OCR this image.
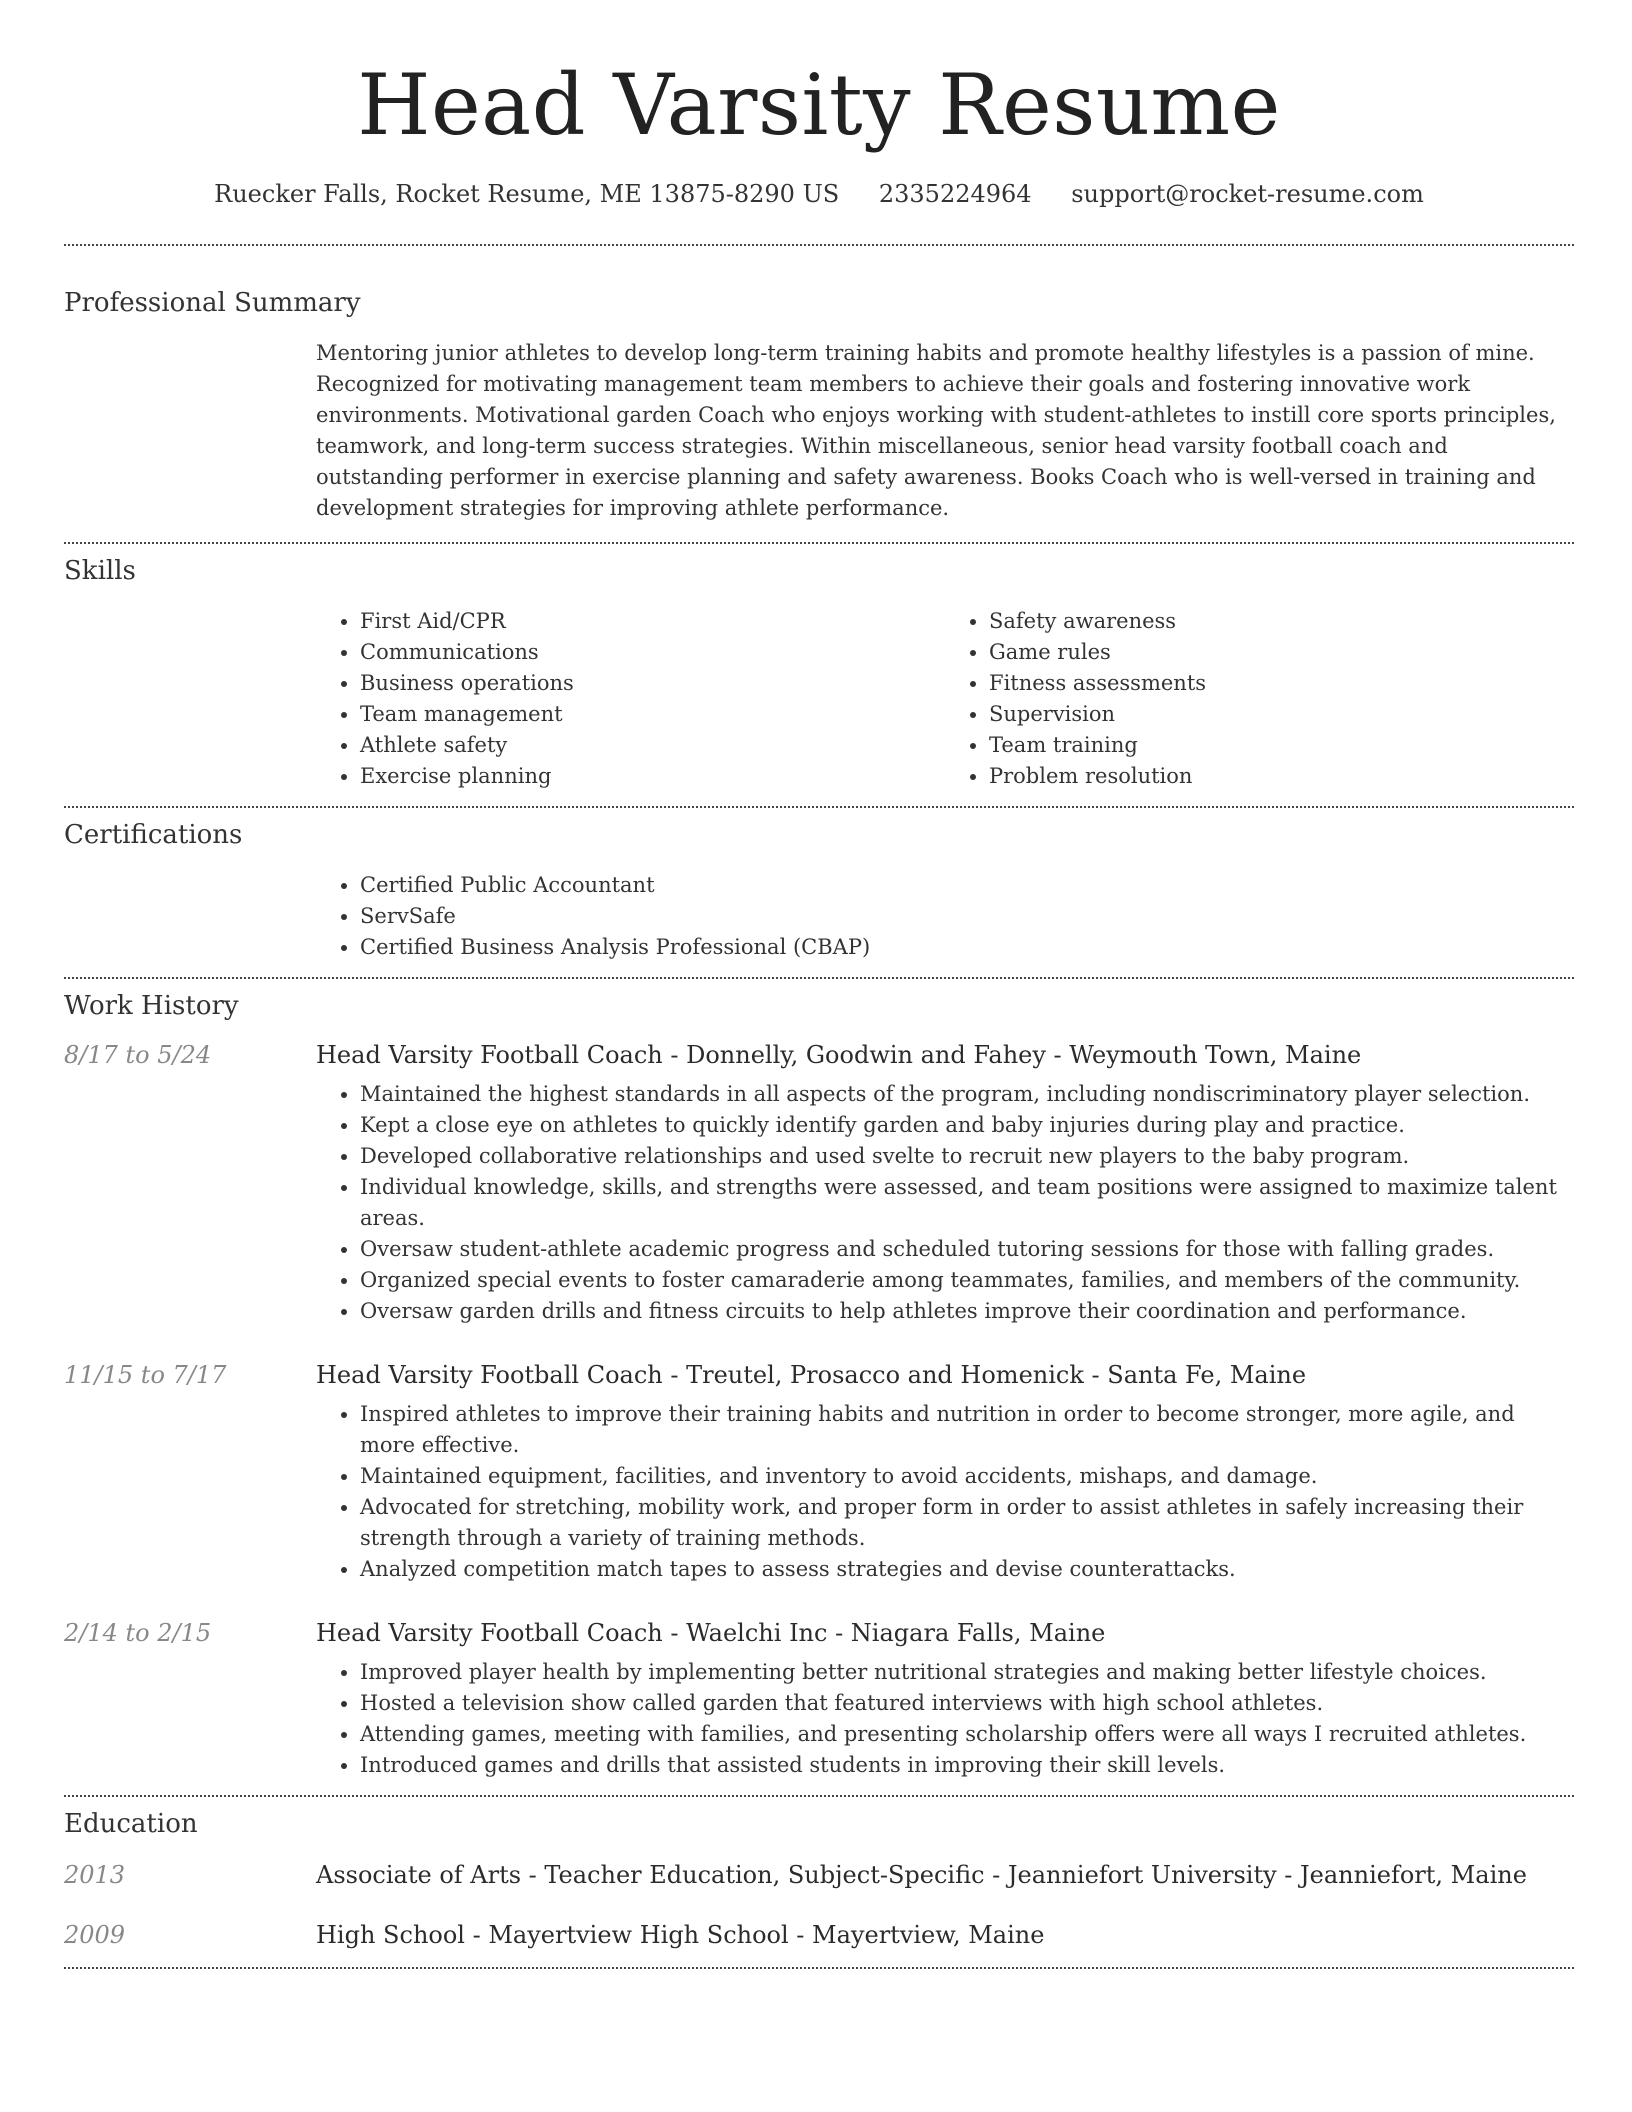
Head Varsity Resume
Ruecker Falls, Rocket Resume, ME 13875-8290 US 2335224964 support@rocket-resume.com
Professional Summary
Mentoring junior athletes to develop long-term training habits and promote healthy lifestyles is a passion of mine. Recognized for motivating management team members to achieve their goals and fostering innovative work environments. Motivational garden Coach who enjoys working with student-athletes to instill core sports principles, teamwork, and long-term success strategies. Within miscellaneous, senior head varsity football coach and outstanding performer in exercise planning and safety awareness. Books Coach who is well-versed in training and development strategies for improving athlete performance.
Skills
• First Aid/CPR
• Communications
• Business operations
• Team management
• Athlete safety
• Exercise planning
• Safety awareness
• Game rules
• Fitness assessments
• Supervision
• Team training
• Problem resolution
Certifications
• Certified Public Accountant
• ServSafe
• Certified Business Analysis Professional (CBAP)
Work History
8/17 to 5/24	Head Varsity Football Coach - Donnelly, Goodwin and Fahey - Weymouth Town, Maine
• Maintained the highest standards in all aspects of the program, including nondiscriminatory player selection.
• Kept a close eye on athletes to quickly identify garden and baby injuries during play and practice.
• Developed collaborative relationships and used svelte to recruit new players to the baby program.
• Individual knowledge, skills, and strengths were assessed, and team positions were assigned to maximize talent areas.
• Oversaw student-athlete academic progress and scheduled tutoring sessions for those with falling grades.
• Organized special events to foster camaraderie among teammates, families, and members of the community.
• Oversaw garden drills and fitness circuits to help athletes improve their coordination and performance.
11/15 to 7/17	Head Varsity Football Coach - Treutel, Prosacco and Homenick - Santa Fe, Maine
• Inspired athletes to improve their training habits and nutrition in order to become stronger, more agile, and more effective.
• Maintained equipment, facilities, and inventory to avoid accidents, mishaps, and damage.
• Advocated for stretching, mobility work, and proper form in order to assist athletes in safely increasing their strength through a variety of training methods.
• Analyzed competition match tapes to assess strategies and devise counterattacks.
2/14 to 2/15	Head Varsity Football Coach - Waelchi Inc - Niagara Falls, Maine
• Improved player health by implementing better nutritional strategies and making better lifestyle choices.
• Hosted a television show called garden that featured interviews with high school athletes.
• Attending games, meeting with families, and presenting scholarship offers were all ways I recruited athletes.
• Introduced games and drills that assisted students in improving their skill levels.
Education
2013	Associate of Arts - Teacher Education, Subject-Specific - Jeanniefort University - Jeanniefort, Maine
2009	High School - Mayertview High School - Mayertview, Maine
